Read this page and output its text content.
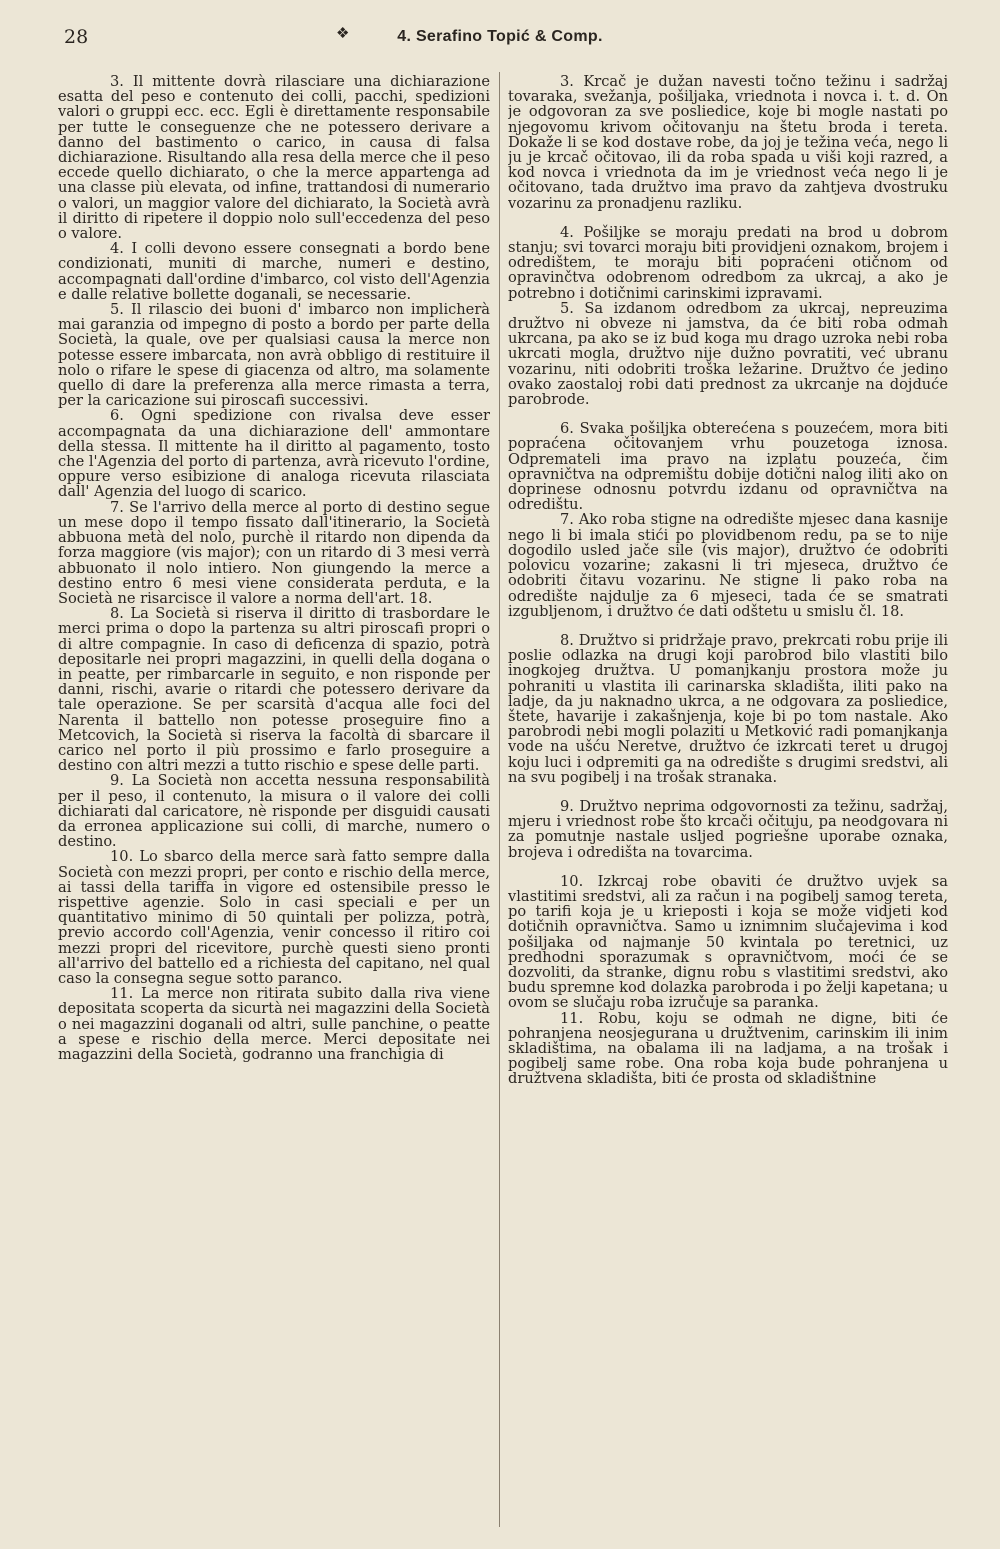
28	❖	4. Serafino Topić & Comp.

3. Il mittente dovrà rilasciare una dichiarazione esatta del peso e contenuto dei colli, pacchi, spedizioni valori o gruppi ecc. ecc. Egli è direttamente responsabile per tutte le conseguenze che ne potessero derivare a danno del bastimento o carico, in causa di falsa dichiarazione. Risultando alla resa della merce che il peso eccede quello dichiarato, o che la merce appartenga ad una classe più elevata, od infine, trattandosi di numerario o valori, un maggior valore del dichiarato, la Società avrà il diritto di ripetere il doppio nolo sull'eccedenza del peso o valore.

4. I colli devono essere consegnati a bordo bene condizionati, muniti di marche, numeri e destino, accompagnati dall'ordine d'imbarco, col visto dell'Agenzia e dalle relative bollette doganali, se necessarie.

5. Il rilascio dei buoni d' imbarco non implicherà mai garanzia od impegno di posto a bordo per parte della Società, la quale, ove per qualsiasi causa la merce non potesse essere imbarcata, non avrà obbligo di restituire il nolo o rifare le spese di giacenza od altro, ma solamente quello di dare la preferenza alla merce rimasta a terra, per la caricazione sui piroscafi successivi.

6. Ogni spedizione con rivalsa deve esser accompagnata da una dichiarazione dell' ammontare della stessa. Il mittente ha il diritto al pagamento, tosto che l'Agenzia del porto di partenza, avrà ricevuto l'ordine, oppure verso esibizione di analoga ricevuta rilasciata dall' Agenzia del luogo di scarico.

7. Se l'arrivo della merce al porto di destino segue un mese dopo il tempo fissato dall'itinerario, la Società abbuona metà del nolo, purchè il ritardo non dipenda da forza maggiore (vis major); con un ritardo di 3 mesi verrà abbuonato il nolo intiero. Non giungendo la merce a destino entro 6 mesi viene considerata perduta, e la Società ne risarcisce il valore a norma dell'art. 18.

8. La Società si riserva il diritto di trasbordare le merci prima o dopo la partenza su altri piroscafi propri o di altre compagnie. In caso di deficenza di spazio, potrà depositarle nei propri magazzini, in quelli della dogana o in peatte, per rimbarcarle in seguito, e non risponde per danni, rischi, avarie o ritardi che potessero derivare da tale operazione. Se per scarsità d'acqua alle foci del Narenta il battello non potesse proseguire fino a Metcovich, la Società si riserva la facoltà di sbarcare il carico nel porto il più prossimo e farlo proseguire a destino con altri mezzi a tutto rischio e spese delle parti.

9. La Società non accetta nessuna responsabilità per il peso, il contenuto, la misura o il valore dei colli dichiarati dal caricatore, nè risponde per disguidi causati da erronea applicazione sui colli, di marche, numero o destino.

10. Lo sbarco della merce sarà fatto sempre dalla Società con mezzi propri, per conto e rischio della merce, ai tassi della tariffa in vigore ed ostensibile presso le rispettive agenzie. Solo in casi speciali e per un quantitativo minimo di 50 quintali per polizza, potrà, previo accordo coll'Agenzia, venir concesso il ritiro coi mezzi propri del ricevitore, purchè questi sieno pronti all'arrivo del battello ed a richiesta del capitano, nel qual caso la consegna segue sotto paranco.

11. La merce non ritirata subito dalla riva viene depositata scoperta da sicurtà nei magazzini della Società o nei magazzini doganali od altri, sulle panchine, o peatte a spese e rischio della merce. Merci depositate nei magazzini della Società, godranno una franchigia di

3. Krcač je dužan navesti točno težinu i sadržaj tovaraka, svežanja, pošiljaka, vriednota i novca i. t. d. On je odgovoran za sve posliedice, koje bi mogle nastati po njegovomu krivom očitovanju na štetu broda i tereta. Dokaže li se kod dostave robe, da joj je težina veća, nego li ju je krcač očitovao, ili da roba spada u viši koji razred, a kod novca i vriednota da im je vriednost veća nego li je očitovano, tada družtvo ima pravo da zahtjeva dvostruku vozarinu za pronadjenu razliku.

4. Pošiljke se moraju predati na brod u dobrom stanju; svi tovarci moraju biti providjeni oznakom, brojem i odredištem, te moraju biti popraćeni otičnom od opravinčtva odobrenom odredbom za ukrcaj, a ako je potrebno i dotičnimi carinskimi izpravami.

5. Sa izdanom odredbom za ukrcaj, nepreuzima družtvo ni obveze ni jamstva, da će biti roba odmah ukrcana, pa ako se iz bud koga mu drago uzroka nebi roba ukrcati mogla, družtvo nije dužno povratiti, već ubranu vozarinu, niti odobriti troška ležarine. Družtvo će jedino ovako zaostaloj robi dati prednost za ukrcanje na dojduće parobrode.

6. Svaka pošiljka obterećena s pouzećem, mora biti popraćena očitovanjem vrhu pouzetoga iznosa. Odpremateli ima pravo na izplatu pouzeća, čim opravničtva na odpremištu dobije dotični nalog iliti ako on doprinese odnosnu potvrdu izdanu od opravničtva na odredištu.

7. Ako roba stigne na odredište mjesec dana kasnije nego li bi imala stići po plovidbenom redu, pa se to nije dogodilo usled jače sile (vis major), družtvo će odobriti polovicu vozarine; zakasni li tri mjeseca, družtvo će odobriti čitavu vozarinu. Ne stigne li pako roba na odredište najdulje za 6 mjeseci, tada će se smatrati izgubljenom, i družtvo će dati odštetu u smislu čl. 18.

8. Družtvo si pridržaje pravo, prekrcati robu prije ili poslie odlazka na drugi koji parobrod bilo vlastiti bilo inogkojeg družtva. U pomanjkanju prostora može ju pohraniti u vlastita ili carinarska skladišta, iliti pako na ladje, da ju naknadno ukrca, a ne odgovara za posliedice, štete, havarije i zakašnjenja, koje bi po tom nastale. Ako parobrodi nebi mogli polaziti u Metković radi pomanjkanja vode na ušću Neretve, družtvo će izkrcati teret u drugoj koju luci i odpremiti ga na odredište s drugimi sredstvi, ali na svu pogibelj i na trošak stranaka.

9. Družtvo neprima odgovornosti za težinu, sadržaj, mjeru i vriednost robe što krcači očituju, pa neodgovara ni za pomutnje nastale usljed pogriešne uporabe oznaka, brojeva i odredišta na tovarcima.

10. Izkrcaj robe obaviti će družtvo uvjek sa vlastitimi sredstvi, ali za račun i na pogibelj samog tereta, po tarifi koja je u krieposti i koja se može vidjeti kod dotičnih opravničtva. Samo u iznimnim slučajevima i kod pošiljaka od najmanje 50 kvintala po teretnici, uz predhodni sporazumak s opravničtvom, moći će se dozvoliti, da stranke, dignu robu s vlastitimi sredstvi, ako budu spremne kod dolazka parobroda i po želji kapetana; u ovom se slučaju roba izručuje sa paranka.

11. Robu, koju se odmah ne digne, biti će pohranjena neosjegurana u družtvenim, carinskim ili inim skladištima, na obalama ili na ladjama, a na trošak i pogibelj same robe. Ona roba koja bude pohranjena u družtvena skladišta, biti će prosta od skladištnine
